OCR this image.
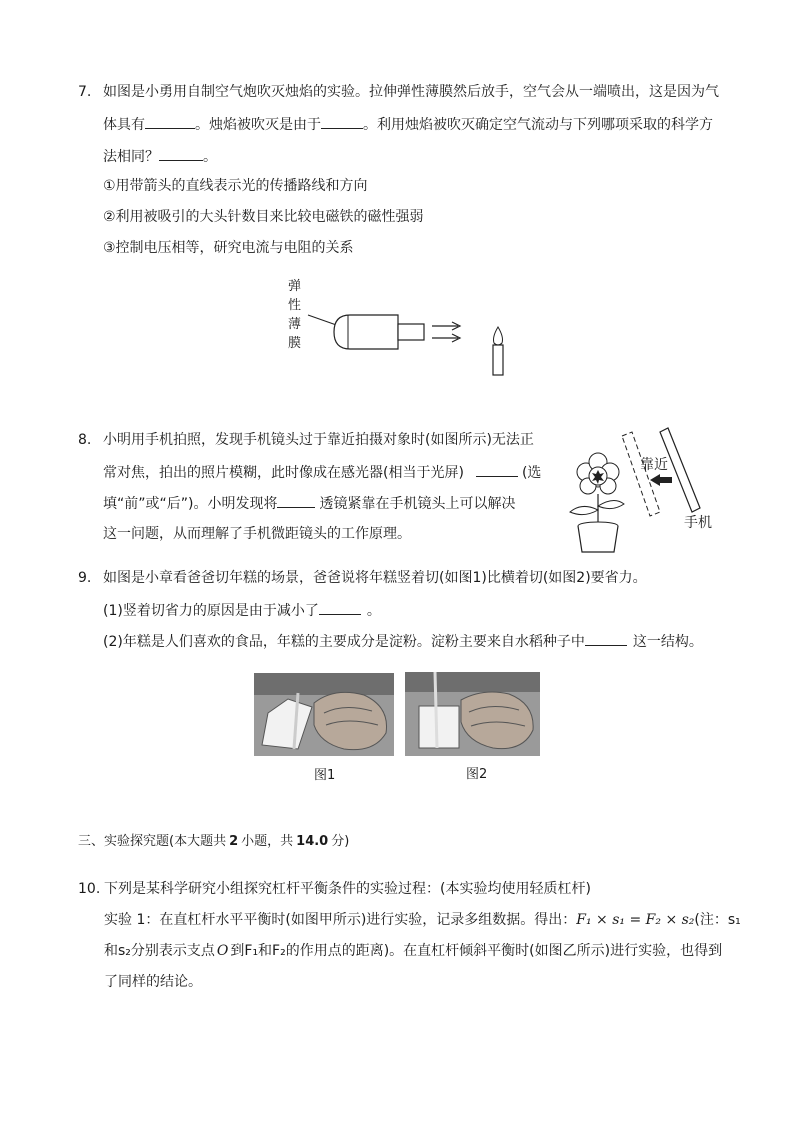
7. 如图是小勇用自制空气炮吹灭烛焰的实验。拉伸弹性薄膜然后放手，空气会从一端喷出，这是因为气
体具有	。烛焰被吹灭是由于	。利用烛焰被吹灭确定空气流动与下列哪项采取的科学方
法相同？	。
①用带箭头的直线表示光的传播路线和方向
②利用被吸引的大头针数目来比较电磁铁的磁性强弱
③控制电压相等，研究电流与电阻的关系
弹
性
薄
膜
8. 小明用手机拍照，发现手机镜头过于靠近拍摄对象时(如图所示)无法正
常对焦，拍出的照片模糊，此时像成在感光器(相当于光屏)	(选
填“前”或“后”)。小明发现将	透镜紧靠在手机镜头上可以解决
这一问题，从而理解了手机微距镜头的工作原理。
靠近
手机
9. 如图是小章看爸爸切年糕的场景，爸爸说将年糕竖着切(如图1)比横着切(如图2)要省力。
(1)竖着切省力的原因是由于减小了	。
(2)年糕是人们喜欢的食品，年糕的主要成分是淀粉。淀粉主要来自水稻种子中	这一结构。
图1	图2
三、实验探究题(本大题共 2 小题，共 14.0 分)
10. 下列是某科学研究小组探究杠杆平衡条件的实验过程：(本实验均使用轻质杠杆)
实验 1：在直杠杆水平平衡时(如图甲所示)进行实验，记录多组数据。得出：F₁ × s₁ = F₂ × s₂(注：s₁
和s₂分别表示支点 O 到F₁和F₂的作用点的距离)。在直杠杆倾斜平衡时(如图乙所示)进行实验，也得到
了同样的结论。
